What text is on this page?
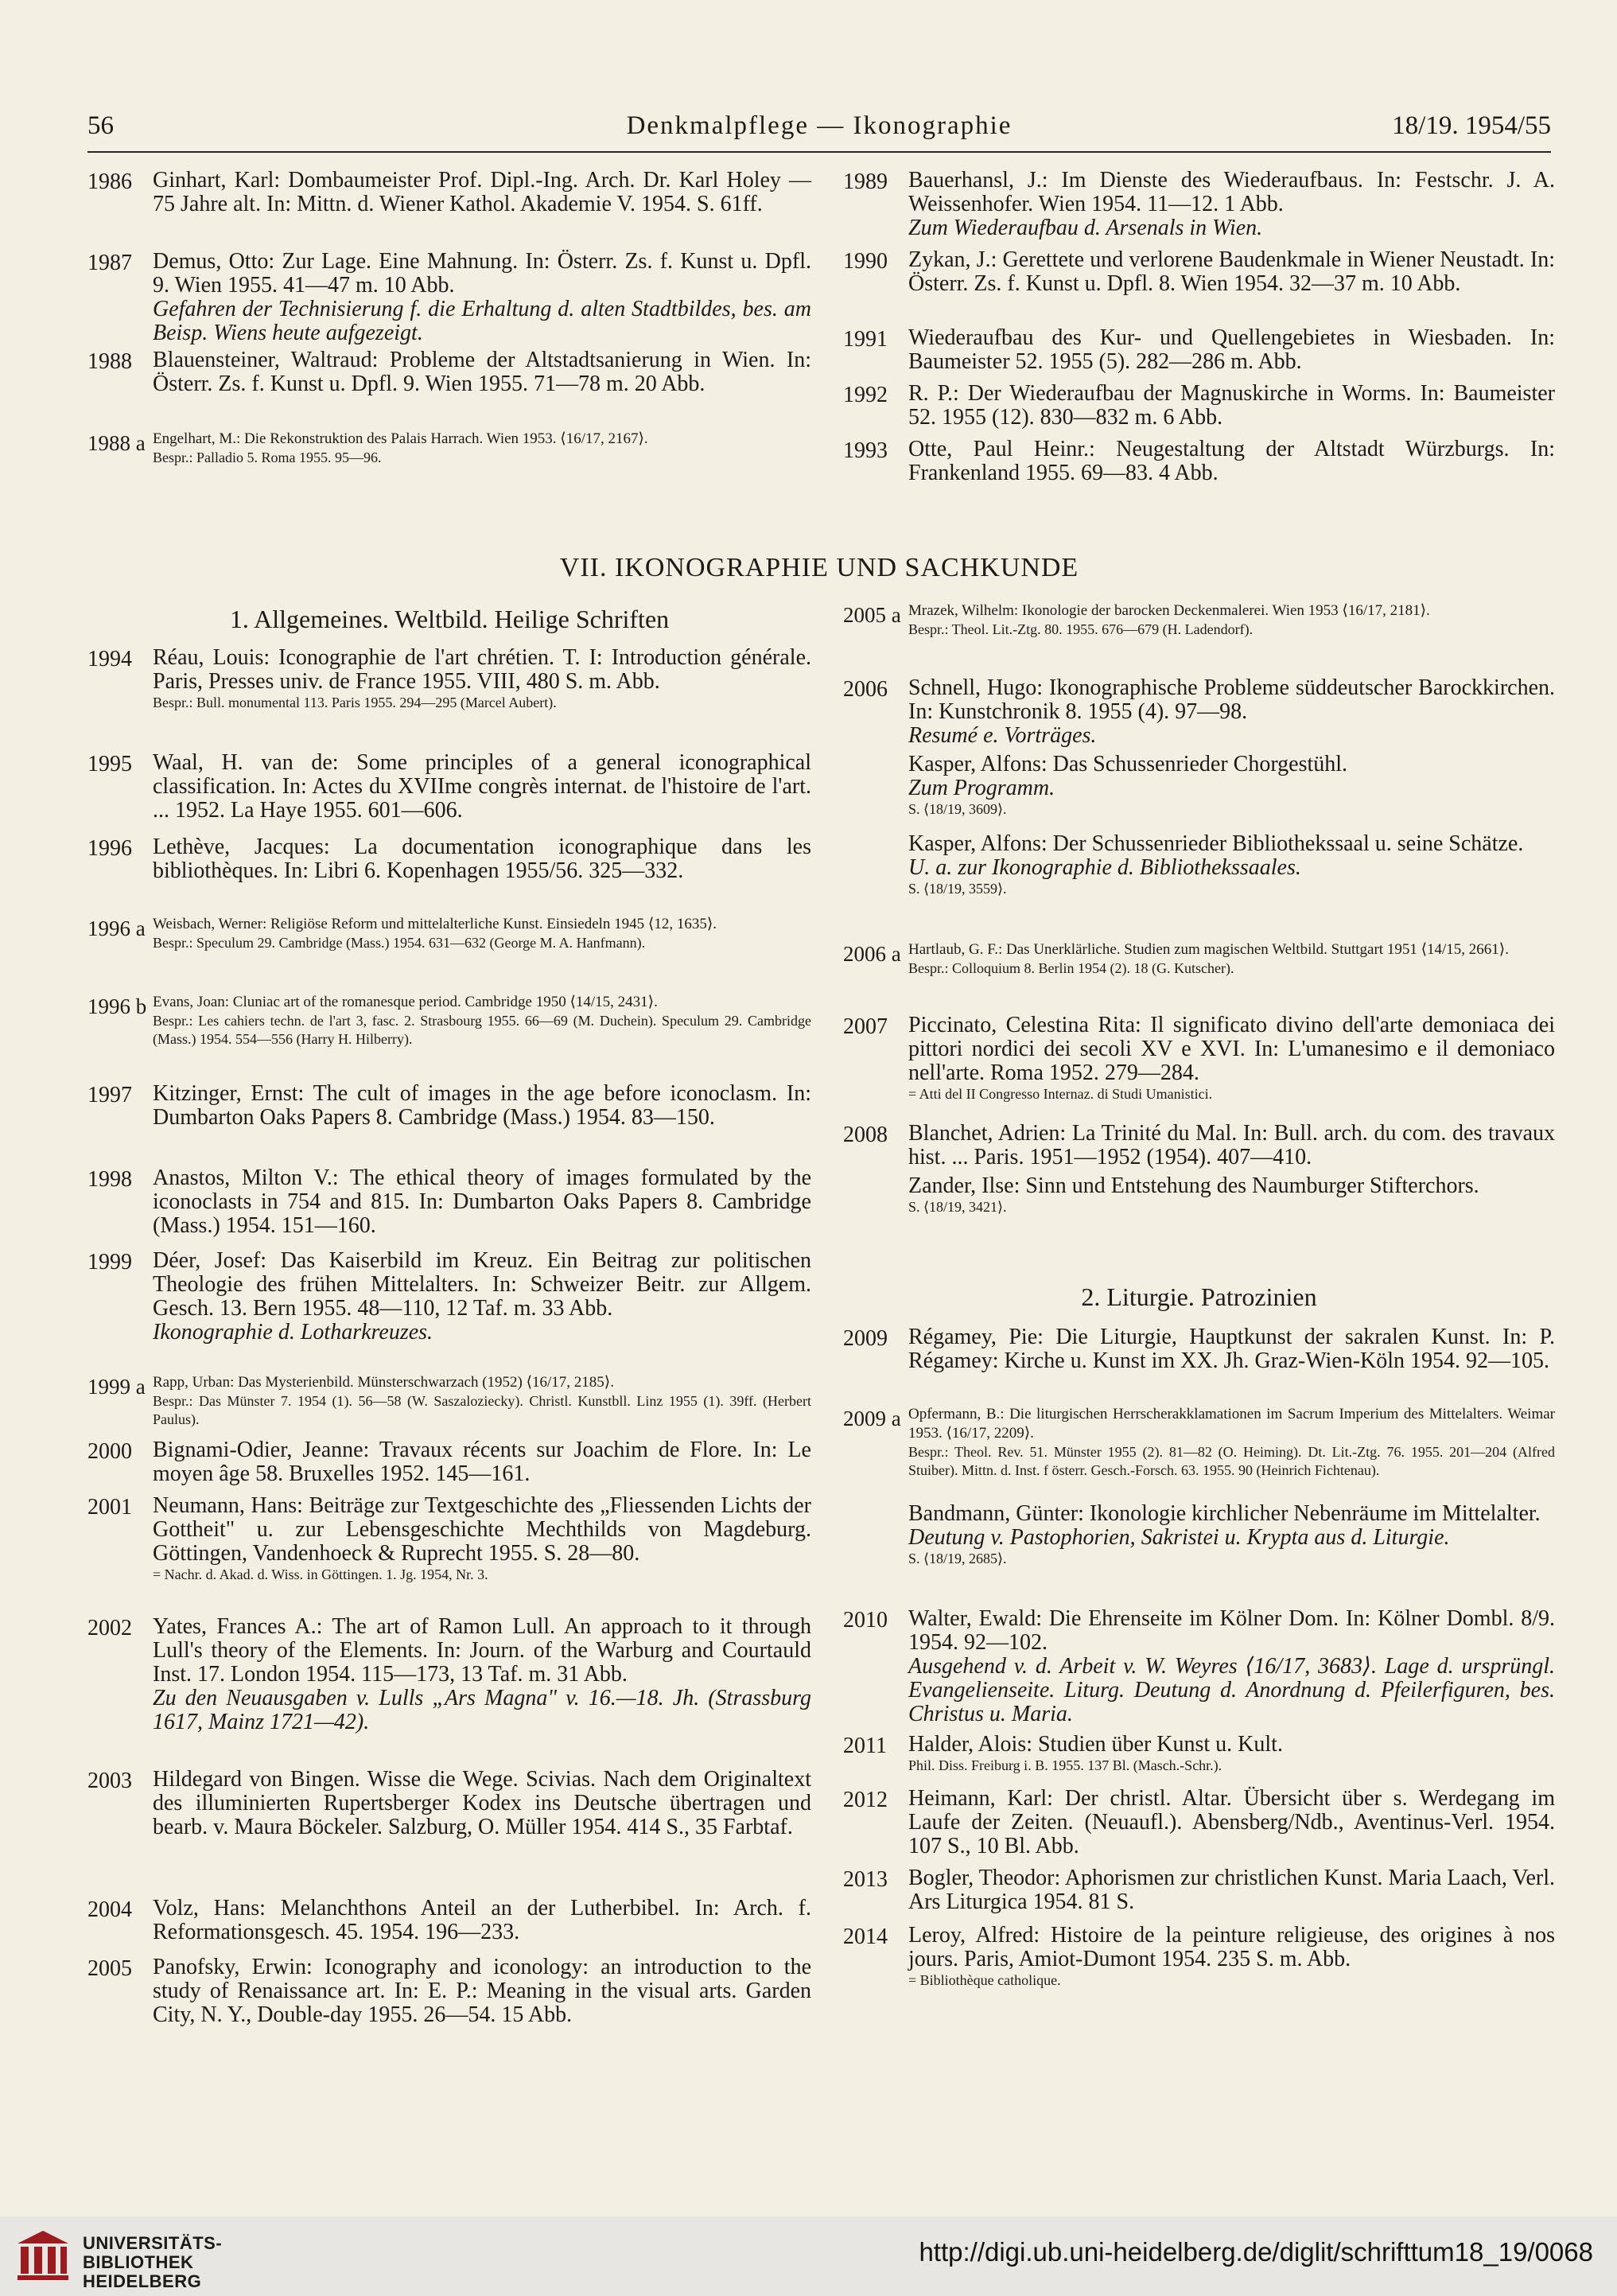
56	Denkmalpflege — Ikonographie	18/19. 1954/55
1986 Ginhart, Karl: Dombaumeister Prof. Dipl.-Ing. Arch. Dr. Karl Holey — 75 Jahre alt. In: Mittn. d. Wiener Kathol. Akademie V. 1954. S. 61ff.
1987 Demus, Otto: Zur Lage. Eine Mahnung. In: Österr. Zs. f. Kunst u. Dpfl. 9. Wien 1955. 41—47 m. 10 Abb.
Gefahren der Technisierung f. die Erhaltung d. alten Stadtbildes, bes. am Beisp. Wiens heute aufgezeigt.
1988 Blauensteiner, Waltraud: Probleme der Altstadtsanierung in Wien. In: Österr. Zs. f. Kunst u. Dpfl. 9. Wien 1955. 71—78 m. 20 Abb.
1988 a Engelhart, M.: Die Rekonstruktion des Palais Harrach. Wien 1953. ⟨16/17, 2167⟩.
Bespr.: Palladio 5. Roma 1955. 95—96.
1989 Bauerhansl, J.: Im Dienste des Wiederaufbaus. In: Festschr. J. A. Weissenhofer. Wien 1954. 11—12. 1 Abb.
Zum Wiederaufbau d. Arsenals in Wien.
1990 Zykan, J.: Gerettete und verlorene Baudenkmale in Wiener Neustadt. In: Österr. Zs. f. Kunst u. Dpfl. 8. Wien 1954. 32—37 m. 10 Abb.
1991 Wiederaufbau des Kur- und Quellengebietes in Wiesbaden. In: Baumeister 52. 1955 (5). 282—286 m. Abb.
1992 R. P.: Der Wiederaufbau der Magnuskirche in Worms. In: Baumeister 52. 1955 (12). 830—832 m. 6 Abb.
1993 Otte, Paul Heinr.: Neugestaltung der Altstadt Würzburgs. In: Frankenland 1955. 69—83. 4 Abb.
VII. IKONOGRAPHIE UND SACHKUNDE
1. Allgemeines. Weltbild. Heilige Schriften
1994 Réau, Louis: Iconographie de l'art chrétien. T. I: Introduction générale. Paris, Presses univ. de France 1955. VIII, 480 S. m. Abb.
Bespr.: Bull. monumental 113. Paris 1955. 294—295 (Marcel Aubert).
1995 Waal, H. van de: Some principles of a general iconographical classification. In: Actes du XVIIme congrès internat. de l'histoire de l'art. ... 1952. La Haye 1955. 601—606.
1996 Lethève, Jacques: La documentation iconographique dans les bibliothèques. In: Libri 6. Kopenhagen 1955/56. 325—332.
1996 a Weisbach, Werner: Religiöse Reform und mittelalterliche Kunst. Einsiedeln 1945 ⟨12, 1635⟩.
Bespr.: Speculum 29. Cambridge (Mass.) 1954. 631—632 (George M. A. Hanfmann).
1996 b Evans, Joan: Cluniac art of the romanesque period. Cambridge 1950 ⟨14/15, 2431⟩.
Bespr.: Les cahiers techn. de l'art 3, fasc. 2. Strasbourg 1955. 66—69 (M. Duchein). Speculum 29. Cambridge (Mass.) 1954. 554—556 (Harry H. Hilberry).
1997 Kitzinger, Ernst: The cult of images in the age before iconoclasm. In: Dumbarton Oaks Papers 8. Cambridge (Mass.) 1954. 83—150.
1998 Anastos, Milton V.: The ethical theory of images formulated by the iconoclasts in 754 and 815. In: Dumbarton Oaks Papers 8. Cambridge (Mass.) 1954. 151—160.
1999 Déer, Josef: Das Kaiserbild im Kreuz. Ein Beitrag zur politischen Theologie des frühen Mittelalters. In: Schweizer Beitr. zur Allgem. Gesch. 13. Bern 1955. 48—110, 12 Taf. m. 33 Abb.
Ikonographie d. Lotharkreuzes.
1999 a Rapp, Urban: Das Mysterienbild. Münsterschwarzach (1952) ⟨16/17, 2185⟩.
Bespr.: Das Münster 7. 1954 (1). 56—58 (W. Saszaloziecky). Christl. Kunstbll. Linz 1955 (1). 39ff. (Herbert Paulus).
2000 Bignami-Odier, Jeanne: Travaux récents sur Joachim de Flore. In: Le moyen âge 58. Bruxelles 1952. 145—161.
2001 Neumann, Hans: Beiträge zur Textgeschichte des „Fliessenden Lichts der Gottheit" u. zur Lebensgeschichte Mechthilds von Magdeburg. Göttingen, Vandenhoeck & Ruprecht 1955. S. 28—80.
= Nachr. d. Akad. d. Wiss. in Göttingen. 1. Jg. 1954, Nr. 3.
2002 Yates, Frances A.: The art of Ramon Lull. An approach to it through Lull's theory of the Elements. In: Journ. of the Warburg and Courtauld Inst. 17. London 1954. 115—173, 13 Taf. m. 31 Abb.
Zu den Neuausgaben v. Lulls „Ars Magna" v. 16.—18. Jh. (Strassburg 1617, Mainz 1721—42).
2003 Hildegard von Bingen. Wisse die Wege. Scivias. Nach dem Originaltext des illuminierten Rupertsberger Kodex ins Deutsche übertragen und bearb. v. Maura Böckeler. Salzburg, O. Müller 1954. 414 S., 35 Farbtaf.
2004 Volz, Hans: Melanchthons Anteil an der Lutherbibel. In: Arch. f. Reformationsgesch. 45. 1954. 196—233.
2005 Panofsky, Erwin: Iconography and iconology: an introduction to the study of Renaissance art. In: E. P.: Meaning in the visual arts. Garden City, N. Y., Double-day 1955. 26—54. 15 Abb.
2005 a Mrazek, Wilhelm: Ikonologie der barocken Deckenmalerei. Wien 1953 ⟨16/17, 2181⟩.
Bespr.: Theol. Lit.-Ztg. 80. 1955. 676—679 (H. Ladendorf).
2006 Schnell, Hugo: Ikonographische Probleme süddeutscher Barockkirchen. In: Kunstchronik 8. 1955 (4). 97—98.
Resumé e. Vorträges.
Kasper, Alfons: Das Schussenrieder Chorgestühl.
Zum Programm.
S. ⟨18/19, 3609⟩.
Kasper, Alfons: Der Schussenrieder Bibliothekssaal u. seine Schätze.
U. a. zur Ikonographie d. Bibliothekssaales.
S. ⟨18/19, 3559⟩.
2006 a Hartlaub, G. F.: Das Unerklärliche. Studien zum magischen Weltbild. Stuttgart 1951 ⟨14/15, 2661⟩.
Bespr.: Colloquium 8. Berlin 1954 (2). 18 (G. Kutscher).
2007 Piccinato, Celestina Rita: Il significato divino dell'arte demoniaca dei pittori nordici dei secoli XV e XVI. In: L'umanesimo e il demoniaco nell'arte. Roma 1952. 279—284.
= Atti del II Congresso Internaz. di Studi Umanistici.
2008 Blanchet, Adrien: La Trinité du Mal. In: Bull. arch. du com. des travaux hist. ... Paris. 1951—1952 (1954). 407—410.
Zander, Ilse: Sinn und Entstehung des Naumburger Stifterchors.
S. ⟨18/19, 3421⟩.
2. Liturgie. Patrozinien
2009 Régamey, Pie: Die Liturgie, Hauptkunst der sakralen Kunst. In: P. Régamey: Kirche u. Kunst im XX. Jh. Graz-Wien-Köln 1954. 92—105.
2009 a Opfermann, B.: Die liturgischen Herrscherakklamationen im Sacrum Imperium des Mittelalters. Weimar 1953. ⟨16/17, 2209⟩.
Bespr.: Theol. Rev. 51. Münster 1955 (2). 81—82 (O. Heiming). Dt. Lit.-Ztg. 76. 1955. 201—204 (Alfred Stuiber). Mittn. d. Inst. f österr. Gesch.-Forsch. 63. 1955. 90 (Heinrich Fichtenau).
Bandmann, Günter: Ikonologie kirchlicher Nebenräume im Mittelalter.
Deutung v. Pastophorien, Sakristei u. Krypta aus d. Liturgie.
S. ⟨18/19, 2685⟩.
2010 Walter, Ewald: Die Ehrenseite im Kölner Dom. In: Kölner Dombl. 8/9. 1954. 92—102.
Ausgehend v. d. Arbeit v. W. Weyres ⟨16/17, 3683⟩. Lage d. ursprüngl. Evangelienseite. Liturg. Deutung d. Anordnung d. Pfeilerfiguren, bes. Christus u. Maria.
2011 Halder, Alois: Studien über Kunst u. Kult.
Phil. Diss. Freiburg i. B. 1955. 137 Bl. (Masch.-Schr.).
2012 Heimann, Karl: Der christl. Altar. Übersicht über s. Werdegang im Laufe der Zeiten. (Neuaufl.). Abensberg/Ndb., Aventinus-Verl. 1954. 107 S., 10 Bl. Abb.
2013 Bogler, Theodor: Aphorismen zur christlichen Kunst. Maria Laach, Verl. Ars Liturgica 1954. 81 S.
2014 Leroy, Alfred: Histoire de la peinture religieuse, des origines à nos jours. Paris, Amiot-Dumont 1954. 235 S. m. Abb.
= Bibliothèque catholique.
UNIVERSITÄTS-
BIBLIOTHEK
HEIDELBERG
http://digi.ub.uni-heidelberg.de/diglit/schrifttum18_19/0068
